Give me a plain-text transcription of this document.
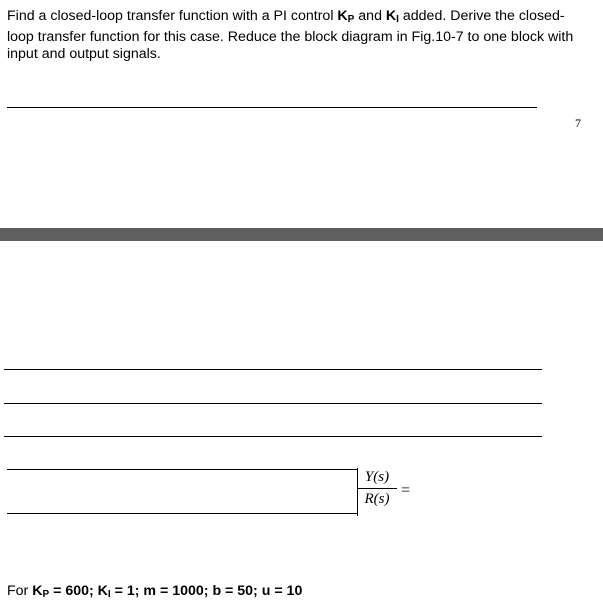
Find a closed-loop transfer function with a PI control $K_P$ and $K_I$ added. Derive the closed-loop transfer function for this case. Reduce the block diagram in Fig.10-7 to one block with input and output signals.

7
Y(s)
R(s) =

For $K_P = 600$; $K_I = 1$; m = 1000; b = 50; u = 10
